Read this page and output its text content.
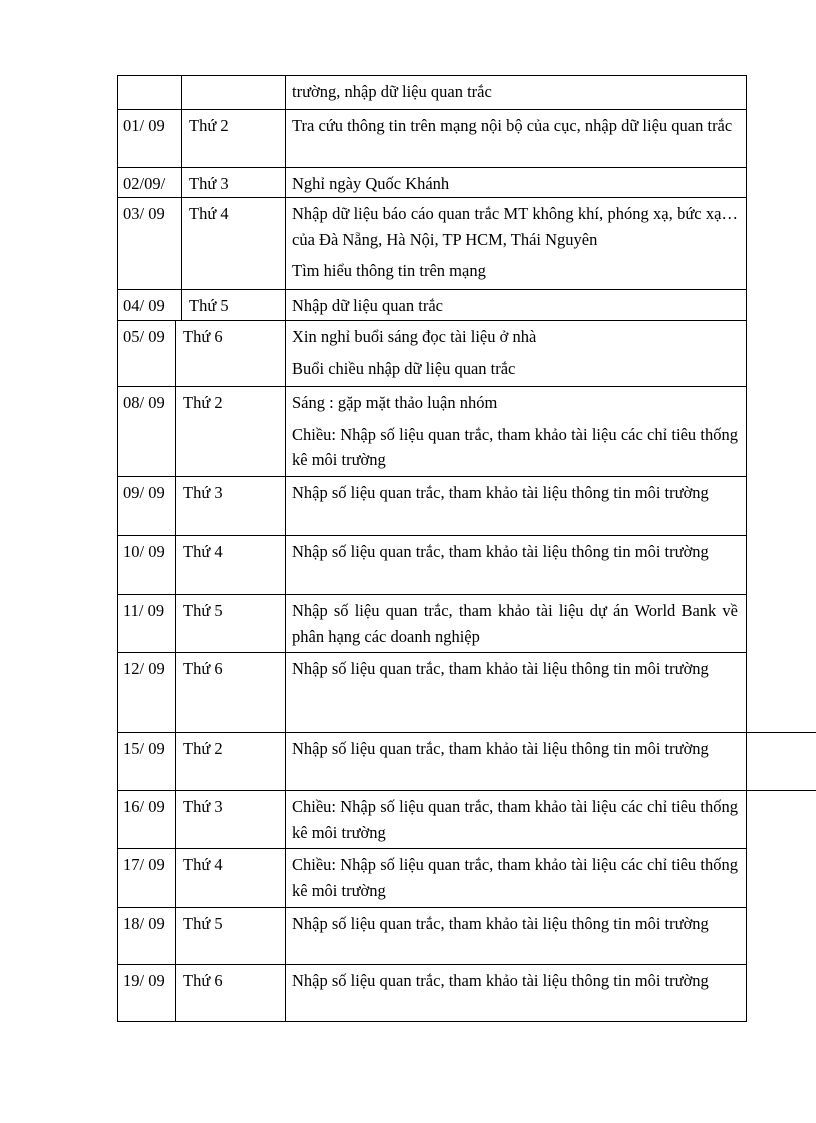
trường, nhập dữ liệu quan trắc
01/ 09	Thứ 2	Tra cứu thông tin trên mạng nội bộ của cục, nhập dữ liệu quan trắc
02/09/	Thứ 3	Nghỉ ngày Quốc Khánh
03/ 09	Thứ 4	Nhập dữ liệu báo cáo quan trắc MT không khí, phóng xạ, bức xạ…của Đà Nẵng, Hà Nội, TP HCM, Thái Nguyên
Tìm hiểu thông tin trên mạng
04/ 09	Thứ 5	Nhập dữ liệu quan trắc
05/ 09	Thứ 6	Xin nghỉ buổi sáng đọc tài liệu ở nhà
Buổi chiều nhập dữ liệu quan trắc
08/ 09	Thứ 2	Sáng : gặp mặt thảo luận nhóm
Chiều: Nhập số liệu quan trắc, tham khảo tài liệu các chỉ tiêu thống kê môi trường
09/ 09	Thứ 3	Nhập số liệu quan trắc, tham khảo tài liệu thông tin môi trường
10/ 09	Thứ 4	Nhập số liệu quan trắc, tham khảo tài liệu thông tin môi trường
11/ 09	Thứ 5	Nhập số liệu quan trắc, tham khảo tài liệu dự án World Bank về phân hạng các doanh nghiệp
12/ 09	Thứ 6	Nhập số liệu quan trắc, tham khảo tài liệu thông tin môi trường
15/ 09	Thứ 2	Nhập số liệu quan trắc, tham khảo tài liệu thông tin môi trường
16/ 09	Thứ 3	Chiều: Nhập số liệu quan trắc, tham khảo tài liệu các chỉ tiêu thống kê môi trường
17/ 09	Thứ 4	Chiều: Nhập số liệu quan trắc, tham khảo tài liệu các chỉ tiêu thống kê môi trường
18/ 09	Thứ 5	Nhập số liệu quan trắc, tham khảo tài liệu thông tin môi trường
19/ 09	Thứ 6	Nhập số liệu quan trắc, tham khảo tài liệu thông tin môi trường
